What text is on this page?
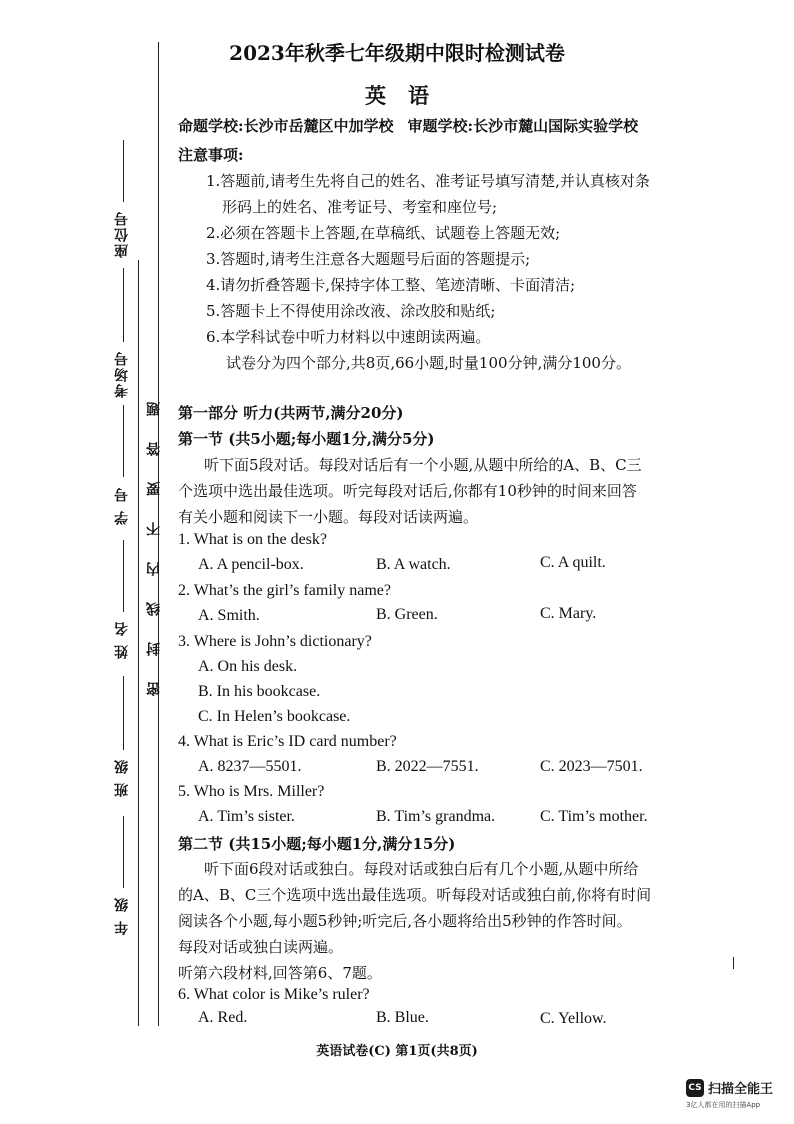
座位号
考场号
学 号
姓 名
班 级
年 级
密封线内不要答题
2023年秋季七年级期中限时检测试卷
英语
命题学校:长沙市岳麓区中加学校 审题学校:长沙市麓山国际实验学校
注意事项:
1.答题前,请考生先将自己的姓名、准考证号填写清楚,并认真核对条
形码上的姓名、准考证号、考室和座位号;
2.必须在答题卡上答题,在草稿纸、试题卷上答题无效;
3.答题时,请考生注意各大题题号后面的答题提示;
4.请勿折叠答题卡,保持字体工整、笔迹清晰、卡面清洁;
5.答题卡上不得使用涂改液、涂改胶和贴纸;
6.本学科试卷中听力材料以中速朗读两遍。
试卷分为四个部分,共8页,66小题,时量100分钟,满分100分。
第一部分 听力(共两节,满分20分)
第一节 (共5小题;每小题1分,满分5分)
听下面5段对话。每段对话后有一个小题,从题中所给的A、B、C三
个选项中选出最佳选项。听完每段对话后,你都有10秒钟的时间来回答
有关小题和阅读下一小题。每段对话读两遍。
1. What is on the desk?
A. A pencil-box.	B. A watch.	C. A quilt.
2. What’s the girl’s family name?
A. Smith.	B. Green.	C. Mary.
3. Where is John’s dictionary?
A. On his desk.
B. In his bookcase.
C. In Helen’s bookcase.
4. What is Eric’s ID card number?
A. 8237—5501.	B. 2022—7551.	C. 2023—7501.
5. Who is Mrs. Miller?
A. Tim’s sister.	B. Tim’s grandma.	C. Tim’s mother.
第二节 (共15小题;每小题1分,满分15分)
听下面6段对话或独白。每段对话或独白后有几个小题,从题中所给
的A、B、C三个选项中选出最佳选项。听每段对话或独白前,你将有时间
阅读各个小题,每小题5秒钟;听完后,各小题将给出5秒钟的作答时间。
每段对话或独白读两遍。
听第六段材料,回答第6、7题。
6. What color is Mike’s ruler?
A. Red.	B. Blue.	C. Yellow.
英语试卷(C) 第1页(共8页)
CS 扫描全能王
3亿人都在用的扫描App
